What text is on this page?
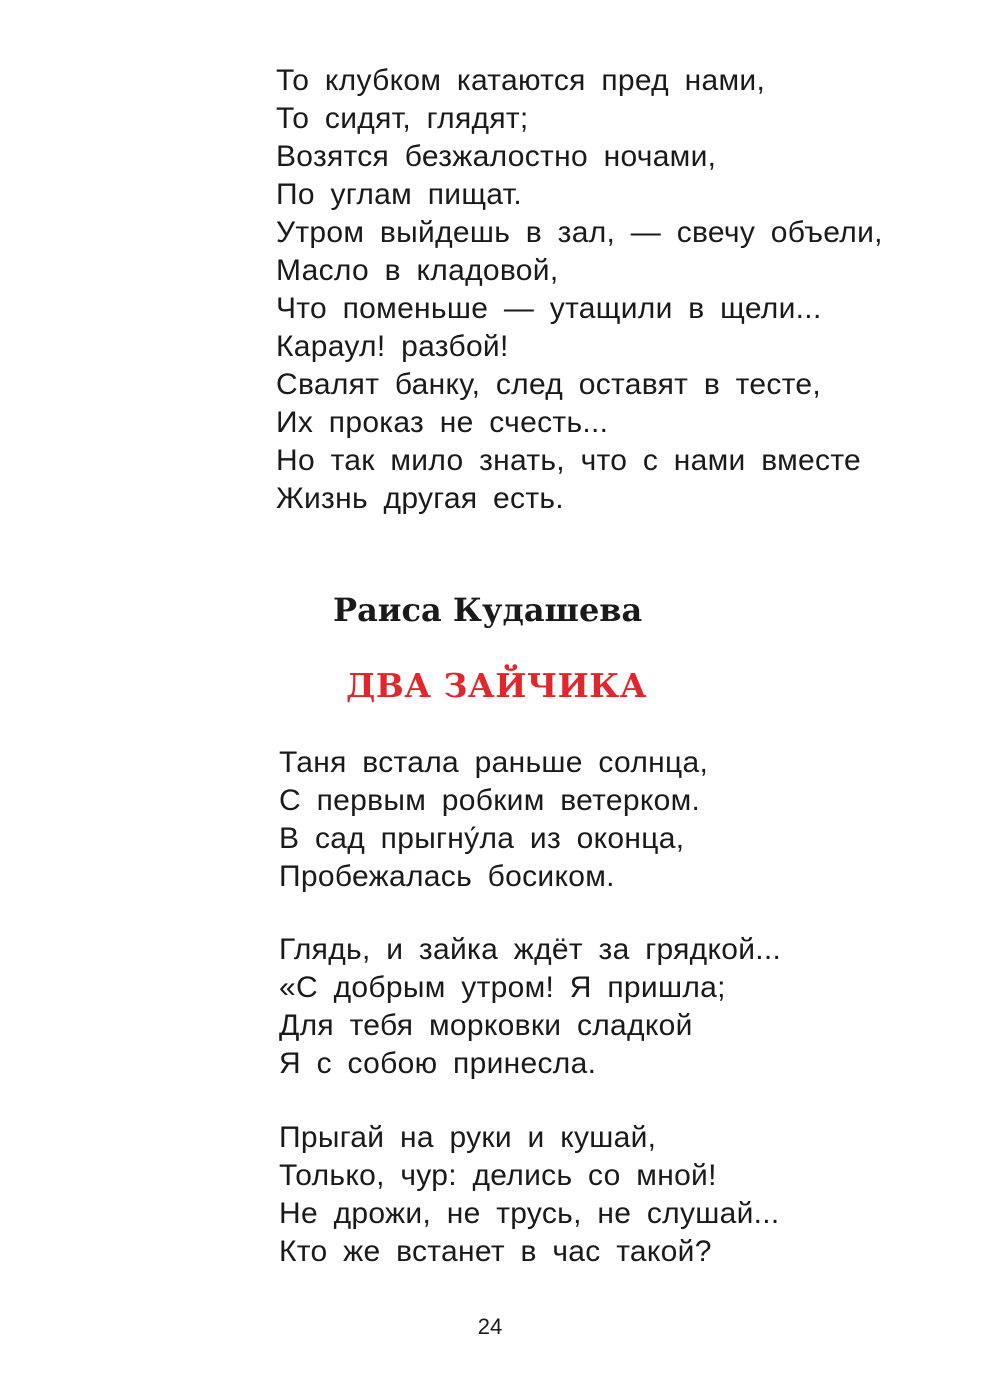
То клубком катаются пред нами,
То сидят, глядят;
Возятся безжалостно ночами,
По углам пищат.
Утром выйдешь в зал, — свечу объели,
Масло в кладовой,
Что поменьше — утащили в щели...
Караул! разбой!
Свалят банку, след оставят в тесте,
Их проказ не счесть...
Но так мило знать, что с нами вместе
Жизнь другая есть.
Раиса Кудашева
ДВА ЗАЙЧИКА
Таня встала раньше солнца,
С первым робким ветерком.
В сад прыгну́ла из оконца,
Пробежалась босиком.
Глядь, и зайка ждёт за грядкой...
«С добрым утром! Я пришла;
Для тебя морковки сладкой
Я с собою принесла.
Прыгай на руки и кушай,
Только, чур: делись со мной!
Не дрожи, не трусь, не слушай...
Кто же встанет в час такой?
24
